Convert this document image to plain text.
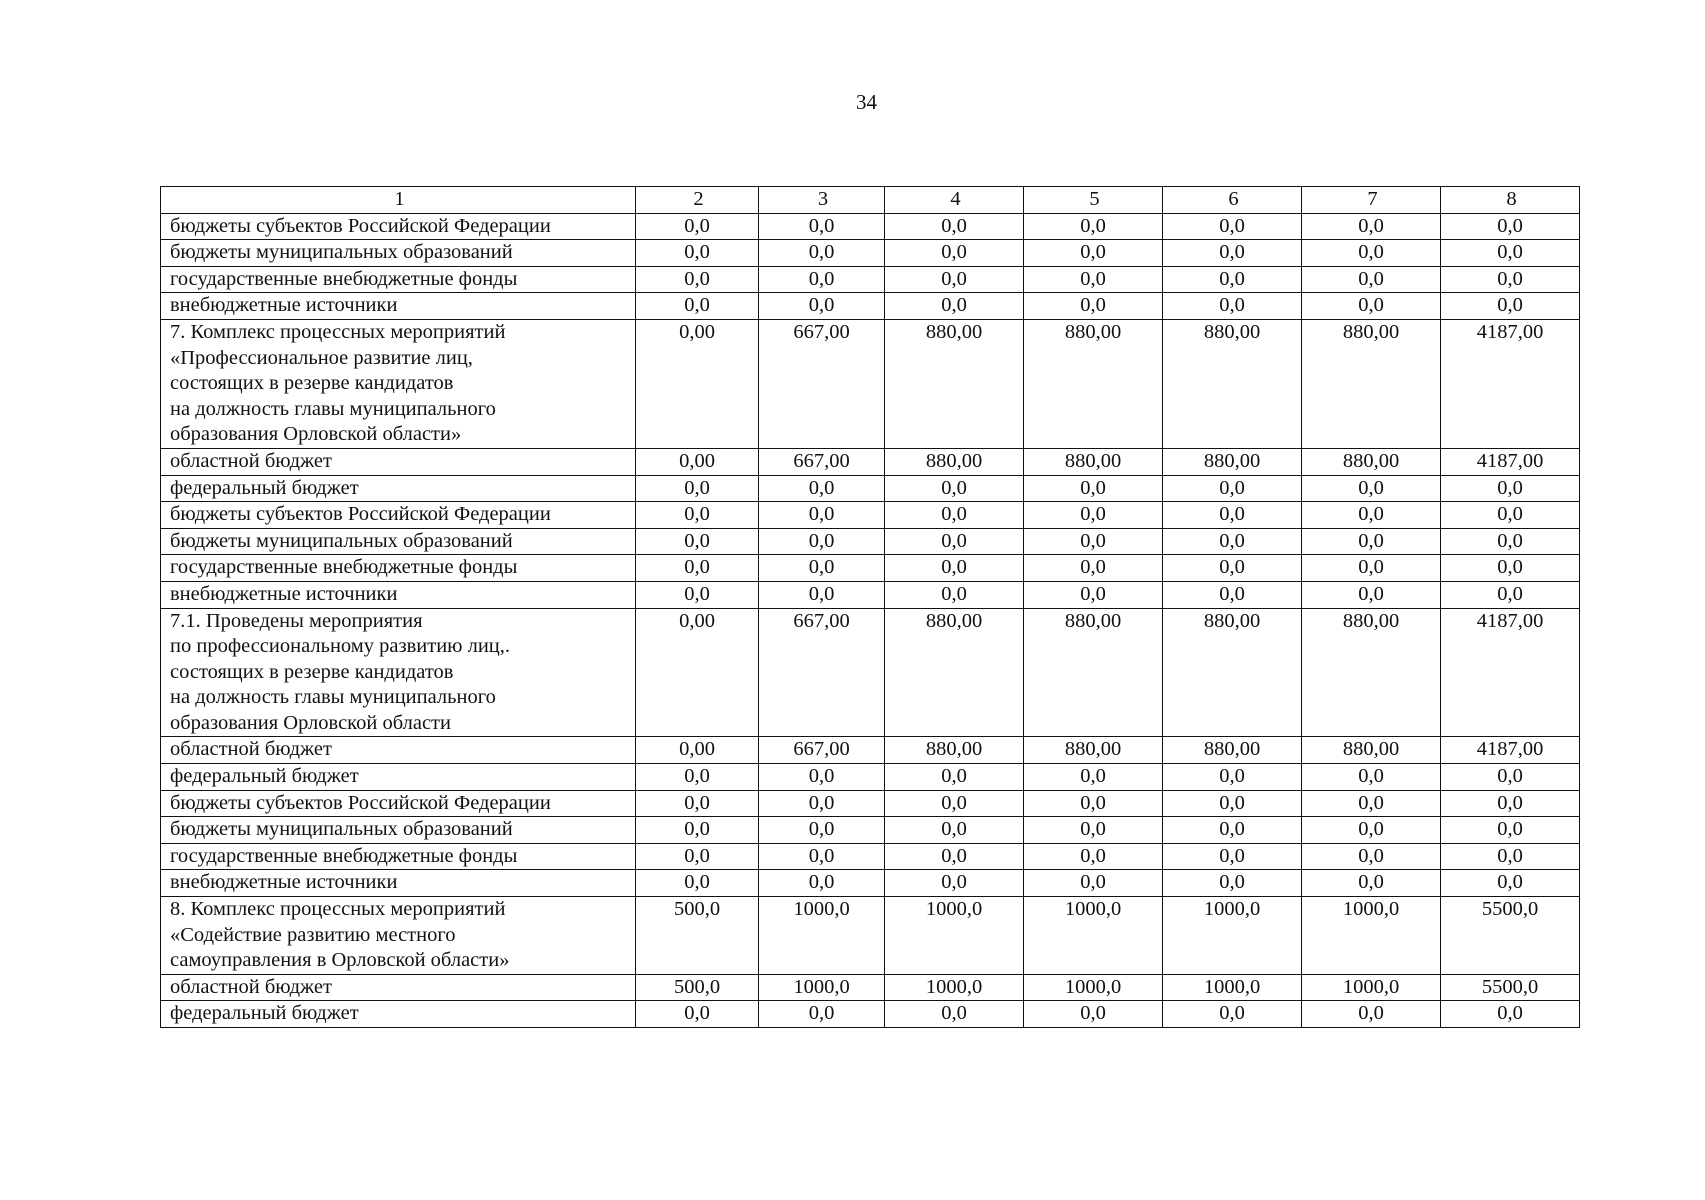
34
1	2	3	4	5	6	7	8

бюджеты субъектов Российской Федерации	0,0	0,0	0,0	0,0	0,0	0,0	0,0

бюджеты муниципальных образований	0,0	0,0	0,0	0,0	0,0	0,0	0,0

государственные внебюджетные фонды	0,0	0,0	0,0	0,0	0,0	0,0	0,0

внебюджетные источники	0,0	0,0	0,0	0,0	0,0	0,0	0,0

7. Комплекс процессных мероприятий
«Профессиональное развитие лиц,
состоящих в резерве кандидатов
на должность главы муниципального
образования Орловской области»	0,00	667,00	880,00	880,00	880,00	880,00	4187,00

областной бюджет	0,00	667,00	880,00	880,00	880,00	880,00	4187,00

федеральный бюджет	0,0	0,0	0,0	0,0	0,0	0,0	0,0

бюджеты субъектов Российской Федерации	0,0	0,0	0,0	0,0	0,0	0,0	0,0

бюджеты муниципальных образований	0,0	0,0	0,0	0,0	0,0	0,0	0,0

государственные внебюджетные фонды	0,0	0,0	0,0	0,0	0,0	0,0	0,0

внебюджетные источники	0,0	0,0	0,0	0,0	0,0	0,0	0,0

7.1. Проведены мероприятия
по профессиональному развитию лиц,.
состоящих в резерве кандидатов
на должность главы муниципального
образования Орловской области	0,00	667,00	880,00	880,00	880,00	880,00	4187,00

областной бюджет	0,00	667,00	880,00	880,00	880,00	880,00	4187,00

федеральный бюджет	0,0	0,0	0,0	0,0	0,0	0,0	0,0

бюджеты субъектов Российской Федерации	0,0	0,0	0,0	0,0	0,0	0,0	0,0

бюджеты муниципальных образований	0,0	0,0	0,0	0,0	0,0	0,0	0,0

государственные внебюджетные фонды	0,0	0,0	0,0	0,0	0,0	0,0	0,0

внебюджетные источники	0,0	0,0	0,0	0,0	0,0	0,0	0,0

8. Комплекс процессных мероприятий
«Содействие развитию местного
самоуправления в Орловской области»	500,0	1000,0	1000,0	1000,0	1000,0	1000,0	5500,0

областной бюджет	500,0	1000,0	1000,0	1000,0	1000,0	1000,0	5500,0

федеральный бюджет	0,0	0,0	0,0	0,0	0,0	0,0	0,0
